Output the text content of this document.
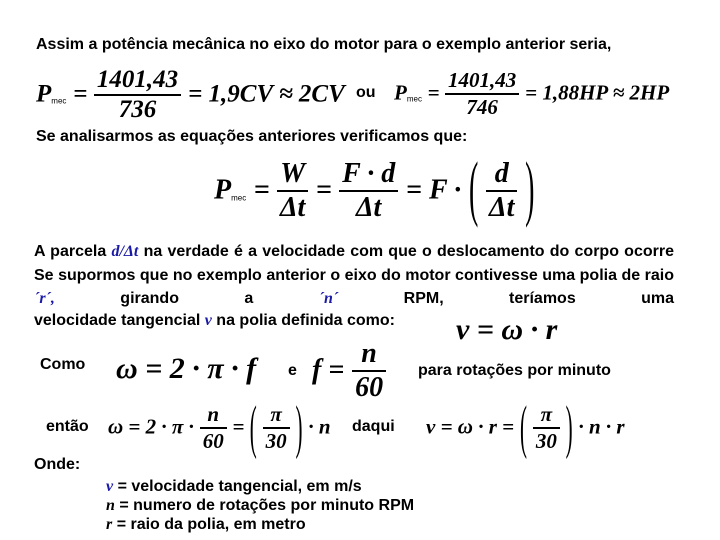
Assim a potência mecânica no eixo do motor para o exemplo anterior seria,
$P_{mec} = \frac{1401,43}{736} = 1,9CV \approx 2CV$ ou $P_{mec} = \frac{1401,43}{746} = 1,88HP \approx 2HP$
Se analisarmos as equações anteriores verificamos que:
$P_{mec} = \frac{W}{\Delta t} = \frac{F \cdot d}{\Delta t} = F$ · ( $\frac{d}{\Delta t}$ )
A parcela d/Δt na verdade é a velocidade com que o deslocamento do corpo ocorre Se supormos que no exemplo anterior o eixo do motor contivesse uma polia de raio ´r´,	girando a	´n´	RPM, teríamos uma
velocidade tangencial v na polia definida como: v = ω · r
Como ω = 2 · π · f e $f = \frac{n}{60}$ para rotações por minuto
então $\omega = 2 \cdot \pi \cdot \frac{n}{60}$ = ( $\frac{\pi}{30}$ ) · n daqui v = ω · r = ( $\frac{\pi}{30}$ ) · n · r
Onde:
v = velocidade tangencial, em m/s
n = numero de rotações por minuto RPM
r = raio da polia, em metro
